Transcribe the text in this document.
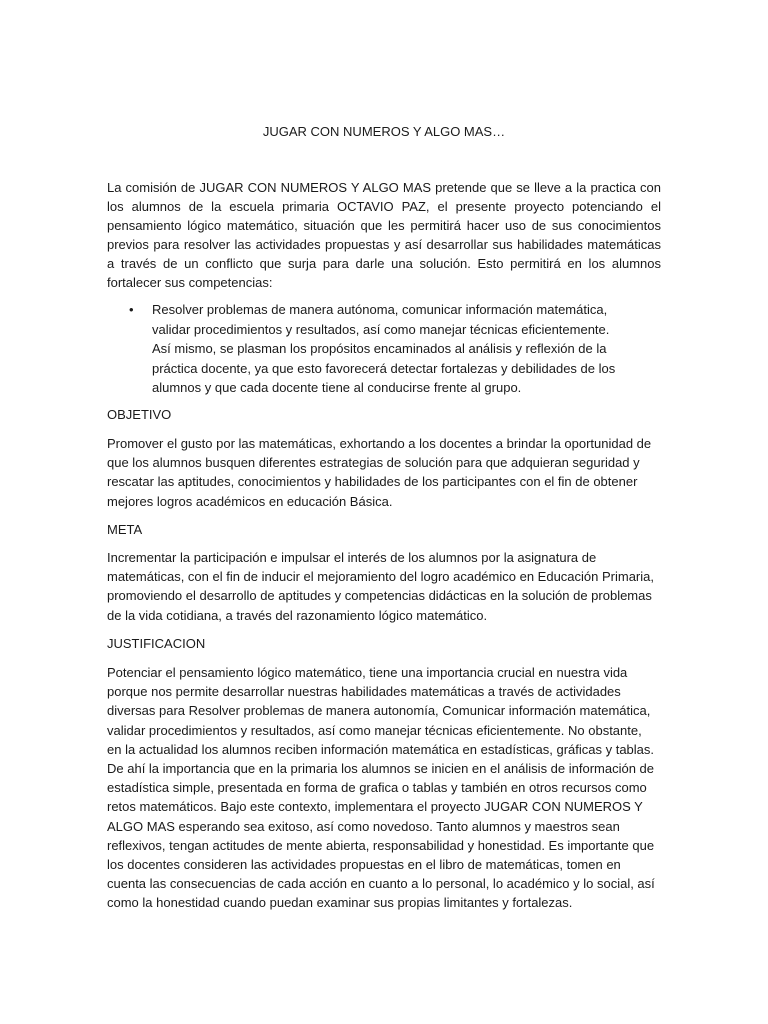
JUGAR CON NUMEROS Y ALGO MAS…

La comisión de JUGAR CON NUMEROS Y ALGO MAS pretende que se lleve a la practica con los alumnos de la escuela primaria OCTAVIO PAZ, el presente proyecto potenciando el pensamiento lógico matemático, situación que les permitirá hacer uso de sus conocimientos previos para resolver las actividades propuestas y así desarrollar sus habilidades matemáticas a través de un conflicto que surja para darle una solución. Esto permitirá en los alumnos fortalecer sus competencias:

• Resolver problemas de manera autónoma, comunicar información matemática, validar procedimientos y resultados, así como manejar técnicas eficientemente. Así mismo, se plasman los propósitos encaminados al análisis y reflexión de la práctica docente, ya que esto favorecerá detectar fortalezas y debilidades de los alumnos y que cada docente tiene al conducirse frente al grupo.
OBJETIVO

Promover el gusto por las matemáticas, exhortando a los docentes a brindar la oportunidad de que los alumnos busquen diferentes estrategias de solución para que adquieran seguridad y rescatar las aptitudes, conocimientos y habilidades de los participantes con el fin de obtener mejores logros académicos en educación Básica.

META

Incrementar la participación e impulsar el interés de los alumnos por la asignatura de matemáticas, con el fin de inducir el mejoramiento del logro académico en Educación Primaria, promoviendo el desarrollo de aptitudes y competencias didácticas en la solución de problemas de la vida cotidiana, a través del razonamiento lógico matemático.

JUSTIFICACION

Potenciar el pensamiento lógico matemático, tiene una importancia crucial en nuestra vida porque nos permite desarrollar nuestras habilidades matemáticas a través de actividades diversas para Resolver problemas de manera autonomía, Comunicar información matemática, validar procedimientos y resultados, así como manejar técnicas eficientemente. No obstante, en la actualidad los alumnos reciben información matemática en estadísticas, gráficas y tablas. De ahí la importancia que en la primaria los alumnos se inicien en el análisis de información de estadística simple, presentada en forma de grafica o tablas y también en otros recursos como retos matemáticos. Bajo este contexto, implementara el proyecto JUGAR CON NUMEROS Y ALGO MAS esperando sea exitoso, así como novedoso. Tanto alumnos y maestros sean reflexivos, tengan actitudes de mente abierta, responsabilidad y honestidad. Es importante que los docentes consideren las actividades propuestas en el libro de matemáticas, tomen en cuenta las consecuencias de cada acción en cuanto a lo personal, lo académico y lo social, así como la honestidad cuando puedan examinar sus propias limitantes y fortalezas.
